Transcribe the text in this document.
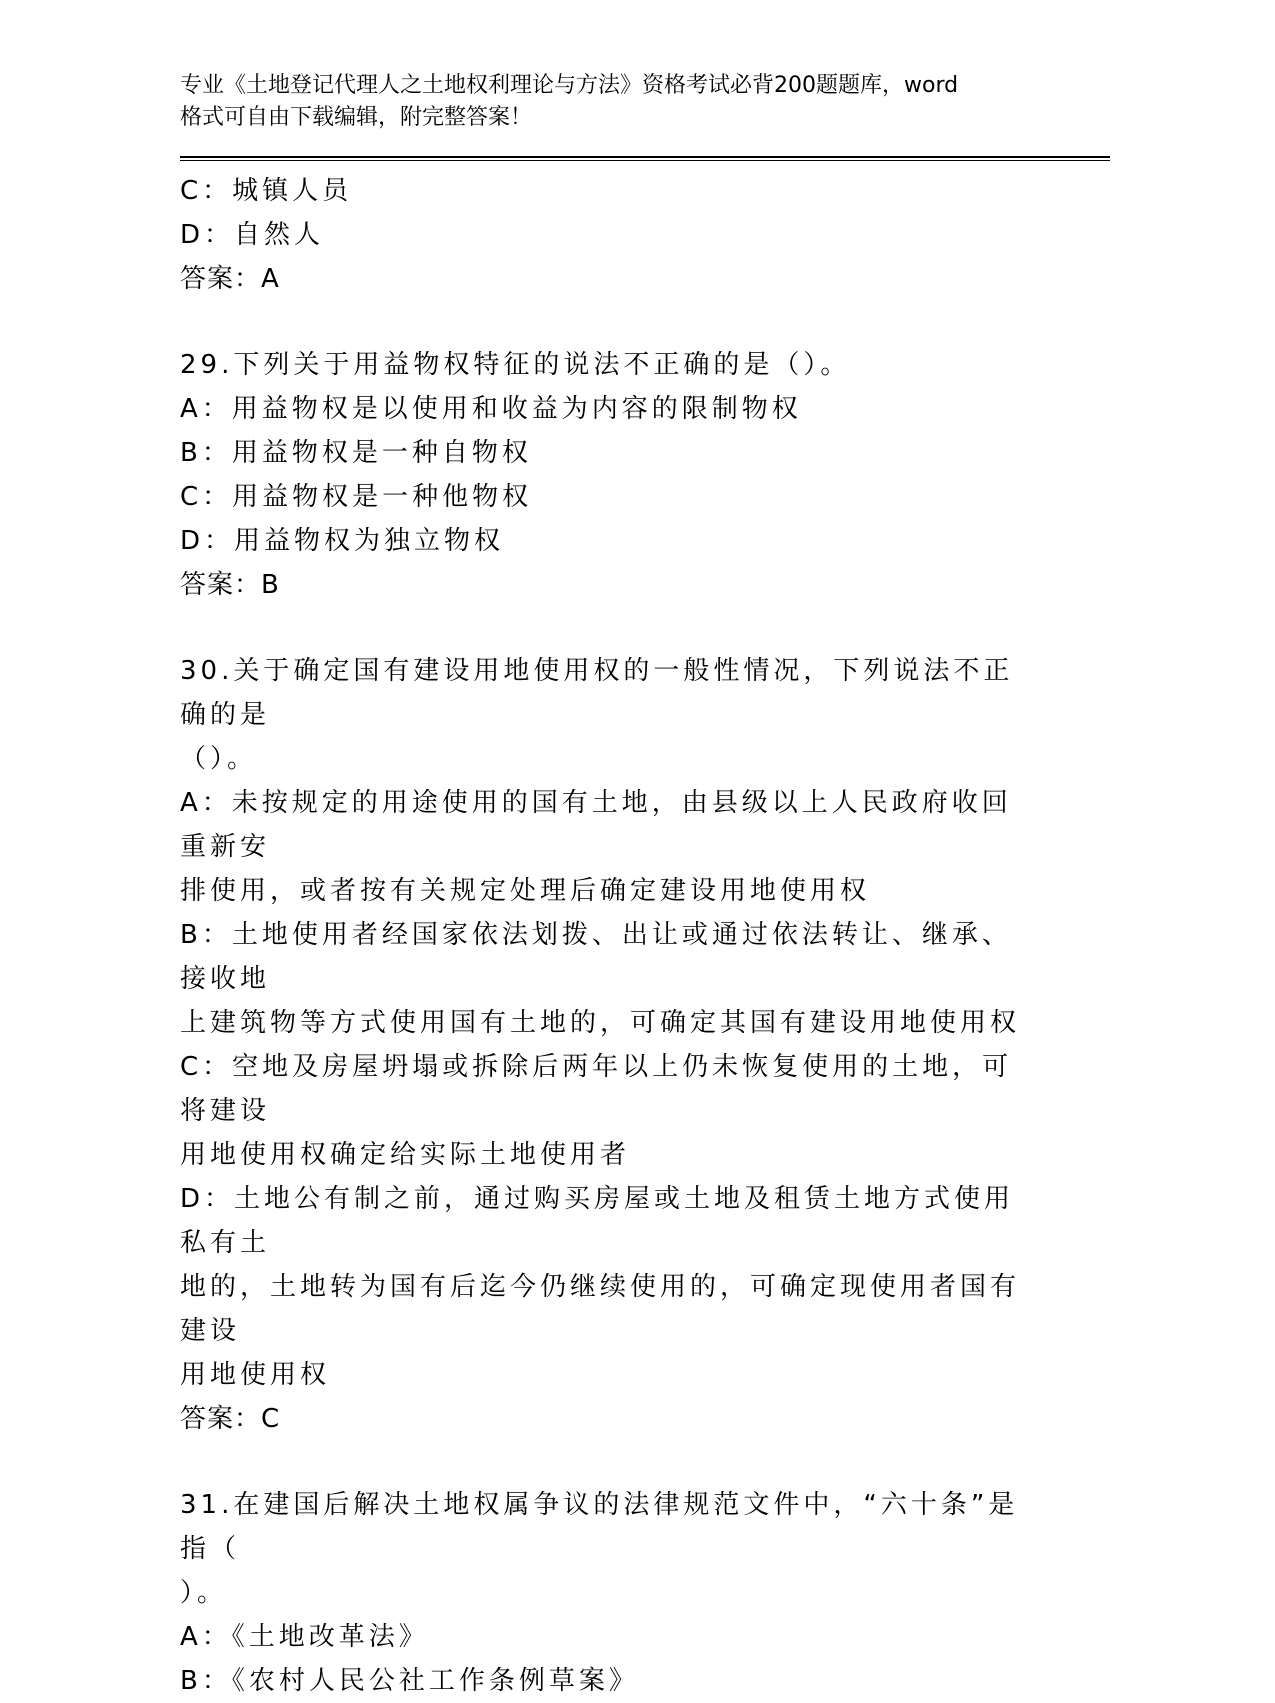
专业《土地登记代理人之土地权利理论与方法》资格考试必背200题题库，word
格式可自由下载编辑，附完整答案！

C：城镇人员

D：自然人

答案：A

29.下列关于用益物权特征的说法不正确的是（）。

A：用益物权是以使用和收益为内容的限制物权

B：用益物权是一种自物权

C：用益物权是一种他物权

D：用益物权为独立物权

答案：B

30.关于确定国有建设用地使用权的一般性情况，下列说法不正确的是

（）。

A：未按规定的用途使用的国有土地，由县级以上人民政府收回重新安

排使用，或者按有关规定处理后确定建设用地使用权

B：土地使用者经国家依法划拨、出让或通过依法转让、继承、接收地

上建筑物等方式使用国有土地的，可确定其国有建设用地使用权

C：空地及房屋坍塌或拆除后两年以上仍未恢复使用的土地，可将建设

用地使用权确定给实际土地使用者

D：土地公有制之前，通过购买房屋或土地及租赁土地方式使用私有土

地的，土地转为国有后迄今仍继续使用的，可确定现使用者国有建设

用地使用权

答案：C

31.在建国后解决土地权属争议的法律规范文件中，“六十条”是指（

）。

A：《土地改革法》

B：《农村人民公社工作条例草案》
